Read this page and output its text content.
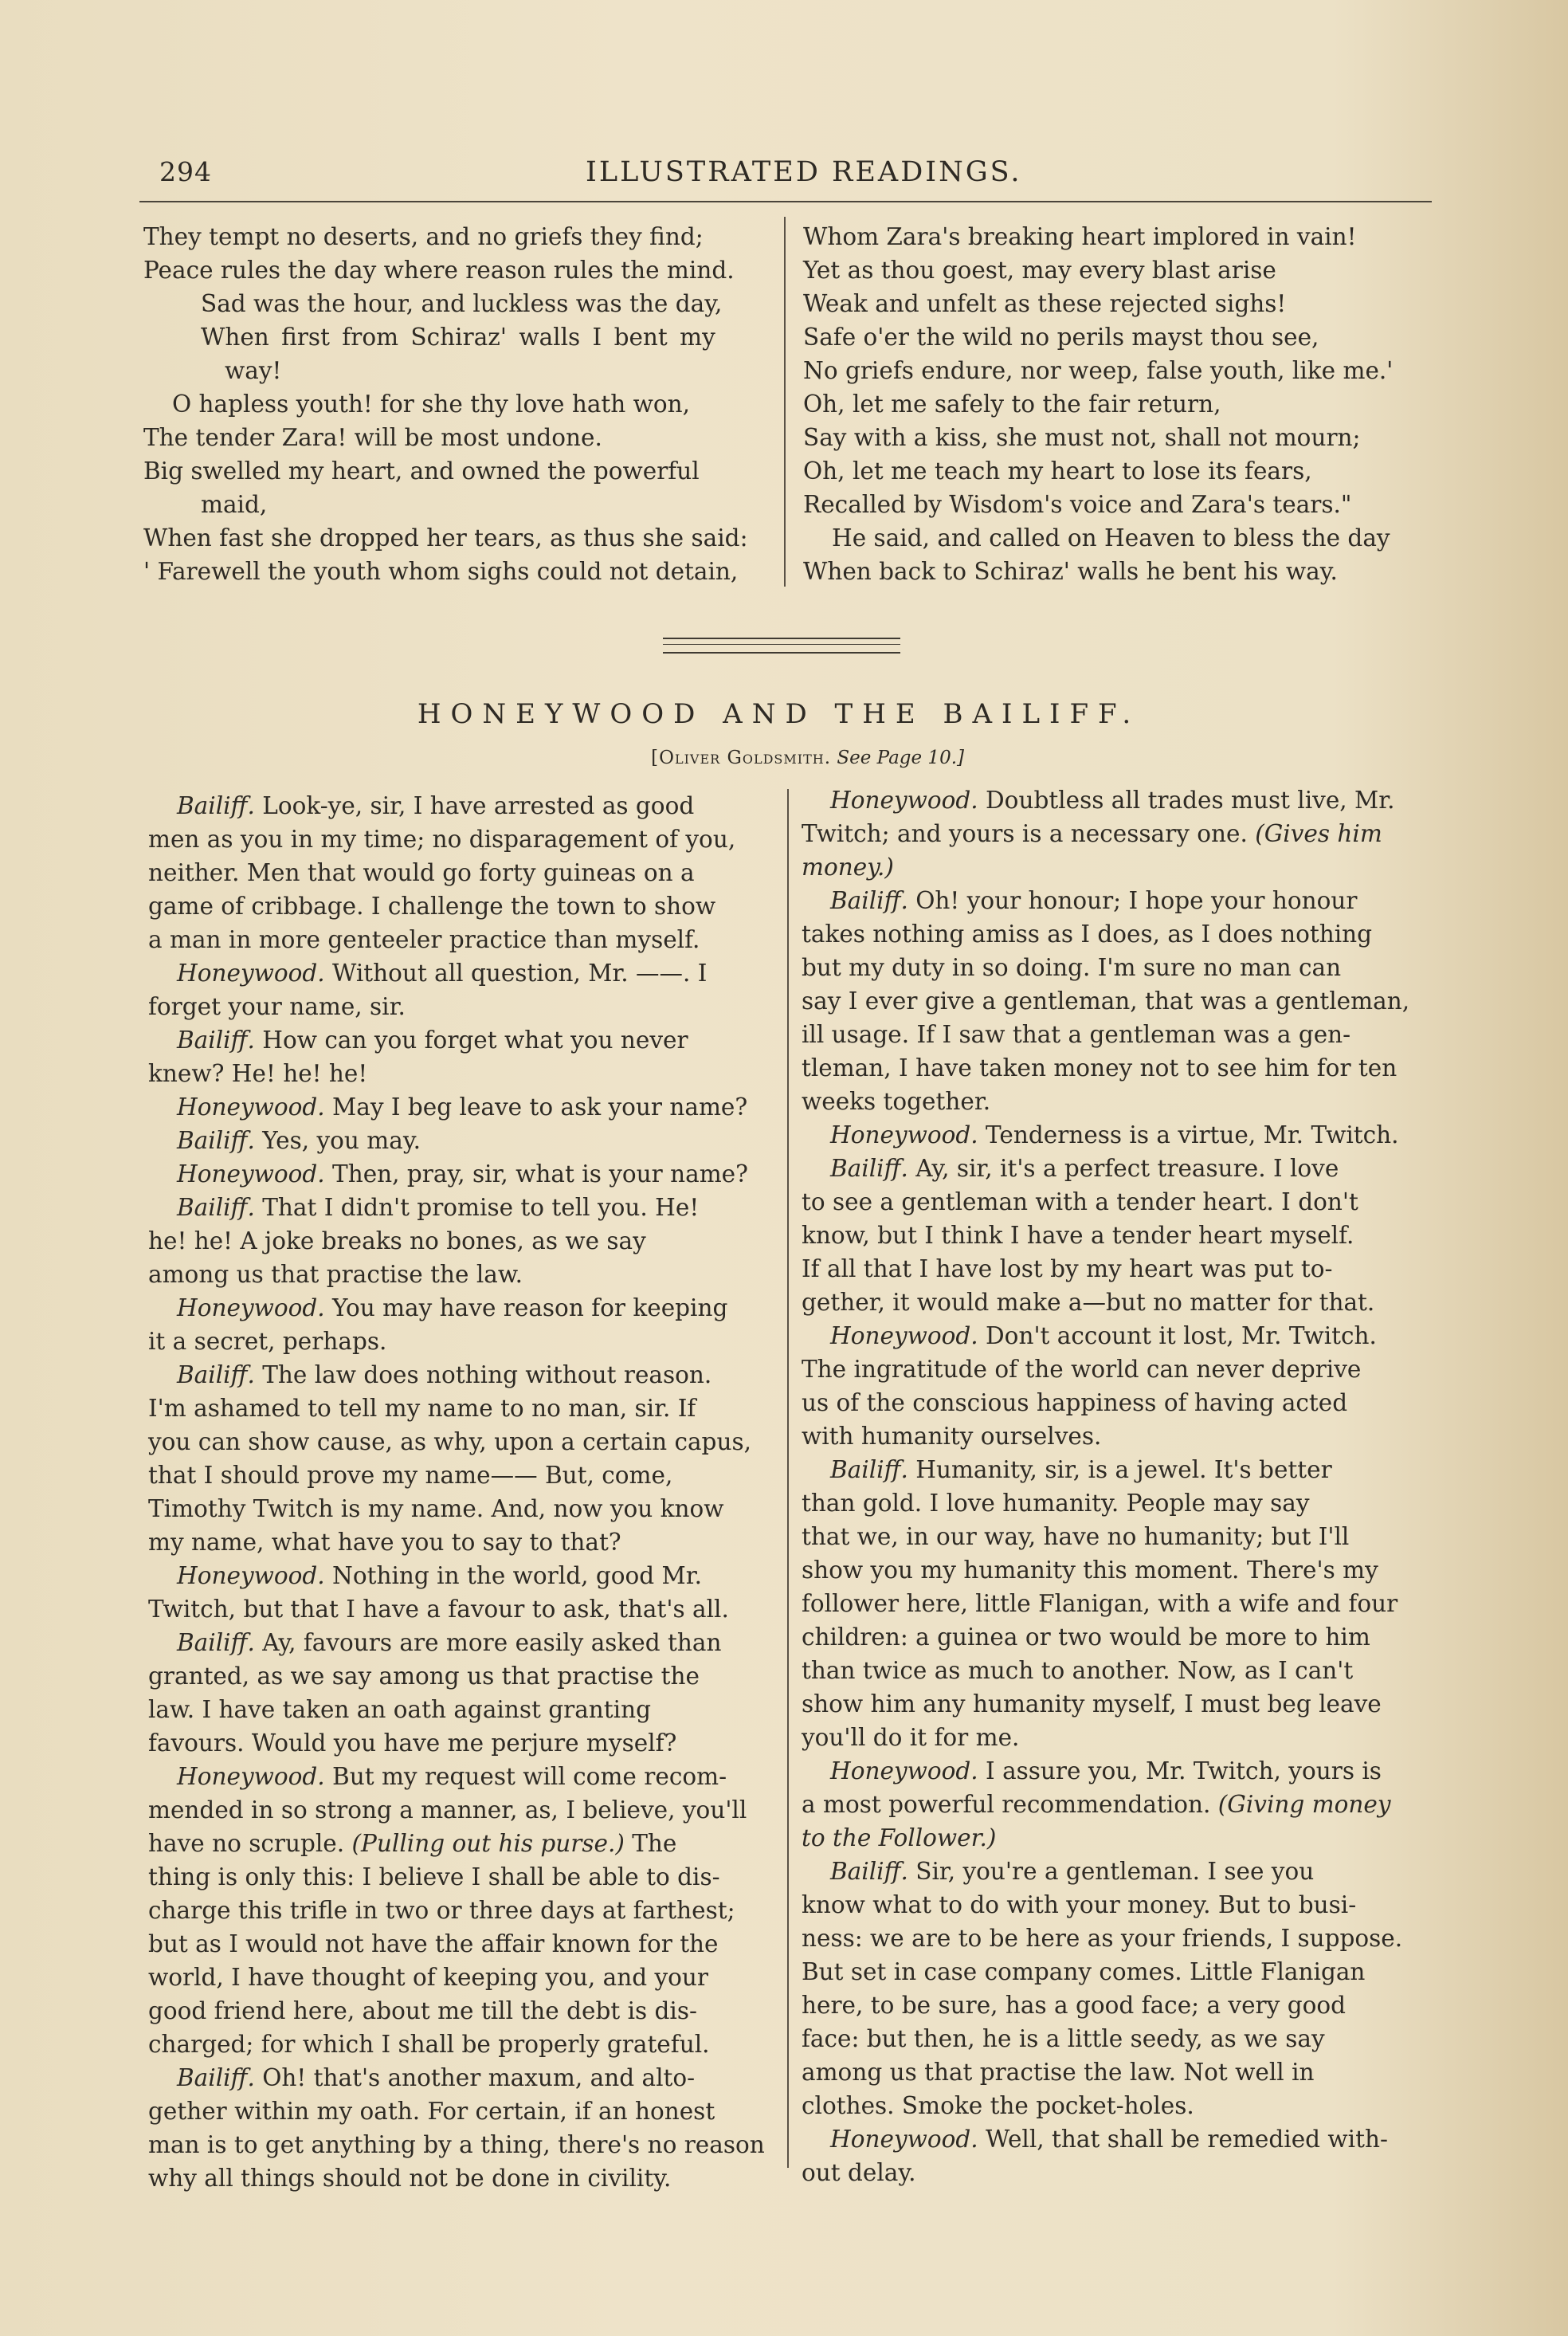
294	ILLUSTRATED READINGS.

They tempt no deserts, and no griefs they find;

Peace rules the day where reason rules the mind.

Sad was the hour, and luckless was the day,

When first from Schiraz' walls I bent my

way!

O hapless youth! for she thy love hath won,

The tender Zara! will be most undone.

Big swelled my heart, and owned the powerful

maid,

When fast she dropped her tears, as thus she said:

' Farewell the youth whom sighs could not detain,

Whom Zara's breaking heart implored in vain!

Yet as thou goest, may every blast arise

Weak and unfelt as these rejected sighs!

Safe o'er the wild no perils mayst thou see,

No griefs endure, nor weep, false youth, like me.'

Oh, let me safely to the fair return,

Say with a kiss, she must not, shall not mourn;

Oh, let me teach my heart to lose its fears,

Recalled by Wisdom's voice and Zara's tears."

He said, and called on Heaven to bless the day

When back to Schiraz' walls he bent his way.

HONEYWOOD AND THE BAILIFF.
[Oliver Goldsmith. See Page 10.]

Bailiff. Look-ye, sir, I have arrested as good

men as you in my time; no disparagement of you,

neither. Men that would go forty guineas on a

game of cribbage. I challenge the town to show

a man in more genteeler practice than myself.

Honeywood. Without all question, Mr. ——. I

forget your name, sir.

Bailiff. How can you forget what you never

knew? He! he! he!

Honeywood. May I beg leave to ask your name?

Bailiff. Yes, you may.

Honeywood. Then, pray, sir, what is your name?

Bailiff. That I didn't promise to tell you. He!

he! he! A joke breaks no bones, as we say

among us that practise the law.

Honeywood. You may have reason for keeping

it a secret, perhaps.

Bailiff. The law does nothing without reason.

I'm ashamed to tell my name to no man, sir. If

you can show cause, as why, upon a certain capus,

that I should prove my name—— But, come,

Timothy Twitch is my name. And, now you know

my name, what have you to say to that?

Honeywood. Nothing in the world, good Mr.

Twitch, but that I have a favour to ask, that's all.

Bailiff. Ay, favours are more easily asked than

granted, as we say among us that practise the

law. I have taken an oath against granting

favours. Would you have me perjure myself?

Honeywood. But my request will come recom-

mended in so strong a manner, as, I believe, you'll

have no scruple. (Pulling out his purse.) The

thing is only this: I believe I shall be able to dis-

charge this trifle in two or three days at farthest;

but as I would not have the affair known for the

world, I have thought of keeping you, and your

good friend here, about me till the debt is dis-

charged; for which I shall be properly grateful.

Bailiff. Oh! that's another maxum, and alto-

gether within my oath. For certain, if an honest

man is to get anything by a thing, there's no reason

why all things should not be done in civility.

Honeywood. Doubtless all trades must live, Mr.

Twitch; and yours is a necessary one. (Gives him

money.)

Bailiff. Oh! your honour; I hope your honour

takes nothing amiss as I does, as I does nothing

but my duty in so doing. I'm sure no man can

say I ever give a gentleman, that was a gentleman,

ill usage. If I saw that a gentleman was a gen-

tleman, I have taken money not to see him for ten

weeks together.

Honeywood. Tenderness is a virtue, Mr. Twitch.

Bailiff. Ay, sir, it's a perfect treasure. I love

to see a gentleman with a tender heart. I don't

know, but I think I have a tender heart myself.

If all that I have lost by my heart was put to-

gether, it would make a—but no matter for that.

Honeywood. Don't account it lost, Mr. Twitch.

The ingratitude of the world can never deprive

us of the conscious happiness of having acted

with humanity ourselves.

Bailiff. Humanity, sir, is a jewel. It's better

than gold. I love humanity. People may say

that we, in our way, have no humanity; but I'll

show you my humanity this moment. There's my

follower here, little Flanigan, with a wife and four

children: a guinea or two would be more to him

than twice as much to another. Now, as I can't

show him any humanity myself, I must beg leave

you'll do it for me.

Honeywood. I assure you, Mr. Twitch, yours is

a most powerful recommendation. (Giving money

to the Follower.)

Bailiff. Sir, you're a gentleman. I see you

know what to do with your money. But to busi-

ness: we are to be here as your friends, I suppose.

But set in case company comes. Little Flanigan

here, to be sure, has a good face; a very good

face: but then, he is a little seedy, as we say

among us that practise the law. Not well in

clothes. Smoke the pocket-holes.

Honeywood. Well, that shall be remedied with-

out delay.
